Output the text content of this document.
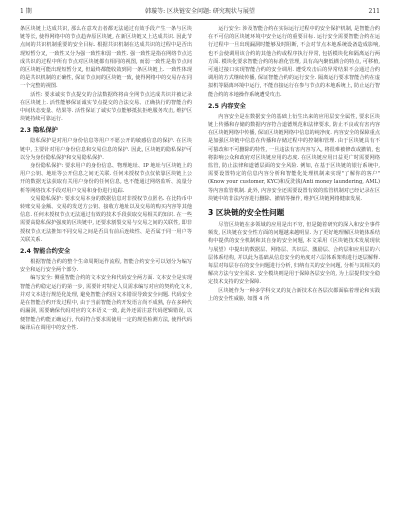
1 期	韩璇等: 区块链安全问题: 研究现状与展望	211

条区块链上达成共识, 那么在意攻击者都无法通过有效手段产生一条与区块链等长, 使得网络中的节点趋奔原区块链, 在新区块链又上达成共识. 因此节点间的共识机制重要的安全目标. 根据共识机制在达成共识的过程中是否出现短暂分叉, 一致性又分为强一致性和弱一致性. 强一致性是指在网络节点达成共识的过程中所有节点对区块链都有相同的视图, 而弱一致性是指节点间的区块链可能出现短暂分叉, 但最终都能收敛到同一条区块链上. 一致性体现的是共识机制的正确性, 保证节点间的区块链一致, 使得网络中的交易存在同一个完整的视图.

活性: 要求诚实节点提交的合法数据终将由全网节点达成共识并被记录在区块链上. 活性能够保证诚实节点提交的合法交易、正确执行的智能合约中间状态变量、结果等. 活性保证了诚实节点能够抵抗拒绝服务攻击, 维护区块链持续可靠运行.

2.3 隐私保护

隐私保护是对用户身份信息等用户不愿公开的敏感信息的保护. 在区块链中, 主要针对用户身份信息和交易信息的保护. 因此, 区块链的隐私保护可以分为身份隐私保护和交易隐私保护.

身份隐私保护: 要求用户的身份信息、物理地址、IP 地址与区块链上的用户公钥、地址等公开信息之间无关联. 任何未授权节点仅依靠区块链上公开的数据无法获取有关用户身份的任何信息, 也不能通过网络监听、流量分析等网络技术手段对用户交易和身份进行追踪.

交易隐私保护: 要求交易本身的数据信息对非授权节点匿名. 在比特币中转账交易金额、交易的发送方公钥、接收方地址以及交易的购买内容等其他信息. 任何未授权节点无法通过有效的技术手段获取交易相关的知识. 在一些需要高隐私保护强度的区块链中, 还要求割裂交易与交易之间的关联性, 即非授权节点无法推知不同交易之间是否具有前后连续性、是否属于同一用户等关联关系.

2.4 智能合约安全

根据智能合约的整个生命周期运作流程, 智能合约安全可以划分为编写安全和运行安全两个部分.

编写安全: 侧重智能合约的文本安全和代码安全两方面. 文本安全是实现智能合约稳定运行的第一步, 需要针对特定人员需求编写对应的契约化文本, 并对文本进行规范化处理, 避免智能合约因文本错误导致安全问题. 代码安全是在智能合约开发过程中, 由于当前智能合约开发语言尚不成熟, 存在多种代码漏洞, 需要确保代码对应的文本语义一致, 此外还需注意代码逻辑错误, 以便智能合约能正确运行, 代码符合要求需使用一定的规范检测方法, 使得代码编译后在调用中的安全性.

运行安全: 涉及智能合约在实际运行过程中的安全保护机制, 是智能合约在不可信的区块链环境中安全运行的重要目标. 运行安全需要智能合约在运行过程中一旦出现漏洞时能够及时阻断, 不会对节点本地系统设备造成影响, 也不会使调用该合约的其他合约或程序执行异常, 包括模块化和隔离运行两方面. 模块化要求智能合约的标准化管理, 具有高内聚低耦合的特点, 可移植, 可通过接口实现智能合约的安全调用. 遭受攻击后的异常结果不会通过合约调用的方式继续传播, 保证智能合约的运行安全. 隔离运行要求智能合约在虚拟机等隔离环境中运行, 不能直接运行在参与节点的本地系统上, 防止运行智能合约的本地操作系统遭受攻击.

2.5 内容安全

内容安全是在数据安全的基础上衍生出来的应用层安全属性, 要求区块链上传播和存储的数据内容符合道德规范和法律要求, 防止不良或有害内容在区块链网络中传播, 保证区块链网络中信息的纯净度. 内容安全的保障重点是加强区块链中信息在传播和存储过程中的控制和管理. 由于区块链具有不可篡改和不可删除的特性, 一旦违法有害内容写入, 将很难被修改或撤销, 也将影响公众和政府对区块链应用的态度. 在区块链应用日益更广时需要网络监管, 防止法律和道德层面的安全风险. 例如, 在基于区块链的银行系统中, 需要设置特定的信息内容分析和智能化处理机制来实现"了解你的客户"(Know your customer, KYC)和反洗钱(Anti money laundering, AML)等内容监管机制. 此外, 内容安全还需要设置有效的监管机制对已经记录在区块链中的非法内容进行删除、撤销等操作, 维护区块链网络健康发展.

3 区块链的安全性问题

尽管区块链在多领域的应用是出不穷, 但是随着研究的深入和安全事件频发, 区块链在安全性方面的问题越来越明显. 为了更好地理解区块链体系结构中提供的安全机制和其自身的安全问题, 本文采用《区块链技术发展现状与展望》中提出的数据层、网络层、共识层、激励层、合约层和应用层的六层体系结构, 并以此为基础从信息安全的角度对六层体系架构进行逐层解释. 每层对每层存在的安全问题进行分析, 归纳有关的安全问题, 分析与其相关的解决方法与安全需求. 安全模块则是用于保障各层安全的, 为上层提供安全稳定技术支持的安全保障.

区块链作为一种多学科交叉的复合新技术在各层次都面临着理论和实践上的安全性威胁, 如图 4 所
